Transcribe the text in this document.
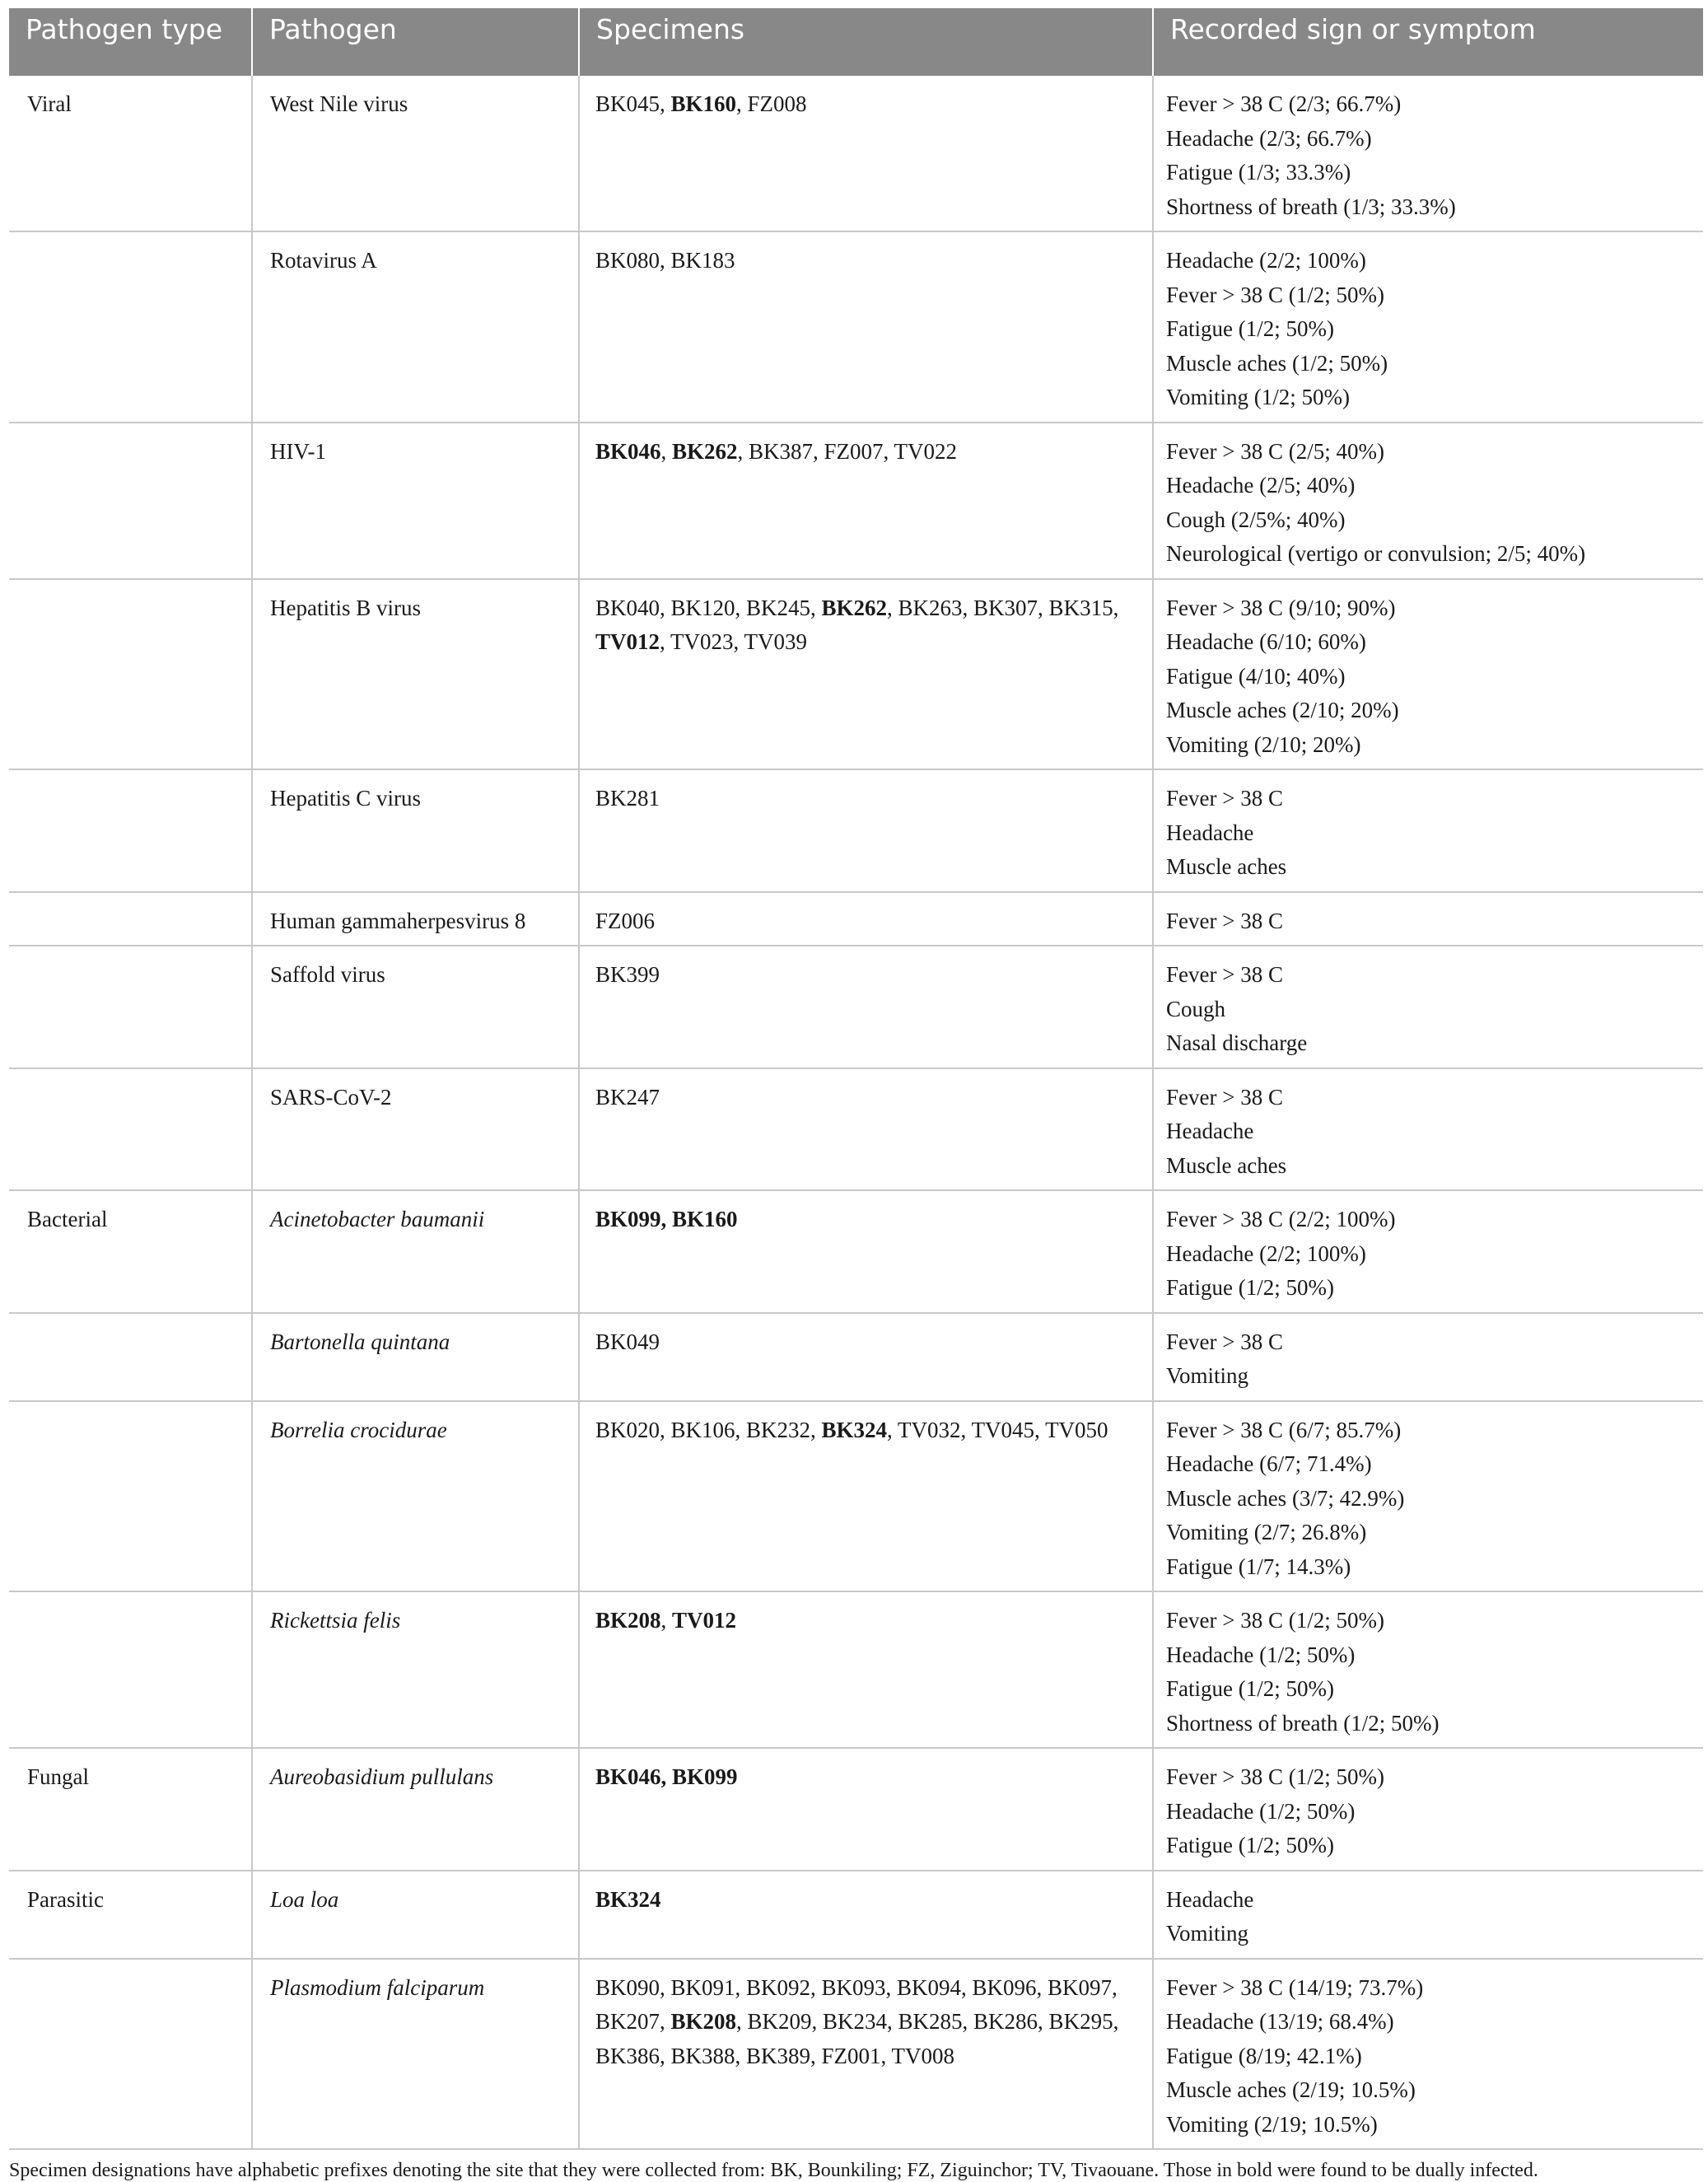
Pathogen type	Pathogen	Specimens	Recorded sign or symptom
Viral	West Nile virus	BK045, BK160, FZ008	Fever > 38 C (2/3; 66.7%)
Headache (2/3; 66.7%)
Fatigue (1/3; 33.3%)
Shortness of breath (1/3; 33.3%)

	Rotavirus A	BK080, BK183	Headache (2/2; 100%)
Fever > 38 C (1/2; 50%)
Fatigue (1/2; 50%)
Muscle aches (1/2; 50%)
Vomiting (1/2; 50%)

	HIV-1	BK046, BK262, BK387, FZ007, TV022	Fever > 38 C (2/5; 40%)
Headache (2/5; 40%)
Cough (2/5%; 40%)
Neurological (vertigo or convulsion; 2/5; 40%)

	Hepatitis B virus	BK040, BK120, BK245, BK262, BK263, BK307, BK315, TV012, TV023, TV039	Fever > 38 C (9/10; 90%)
Headache (6/10; 60%)
Fatigue (4/10; 40%)
Muscle aches (2/10; 20%)
Vomiting (2/10; 20%)

	Hepatitis C virus	BK281	Fever > 38 C
Headache
Muscle aches

	Human gammaherpesvirus 8	FZ006	Fever > 38 C

	Saffold virus	BK399	Fever > 38 C
Cough
Nasal discharge

	SARS-CoV-2	BK247	Fever > 38 C
Headache
Muscle aches

Bacterial	Acinetobacter baumanii	BK099, BK160	Fever > 38 C (2/2; 100%)
Headache (2/2; 100%)
Fatigue (1/2; 50%)

	Bartonella quintana	BK049	Fever > 38 C
Vomiting

	Borrelia crocidurae	BK020, BK106, BK232, BK324, TV032, TV045, TV050	Fever > 38 C (6/7; 85.7%)
Headache (6/7; 71.4%)
Muscle aches (3/7; 42.9%)
Vomiting (2/7; 26.8%)
Fatigue (1/7; 14.3%)

	Rickettsia felis	BK208, TV012	Fever > 38 C (1/2; 50%)
Headache (1/2; 50%)
Fatigue (1/2; 50%)
Shortness of breath (1/2; 50%)

Fungal	Aureobasidium pullulans	BK046, BK099	Fever > 38 C (1/2; 50%)
Headache (1/2; 50%)
Fatigue (1/2; 50%)

Parasitic	Loa loa	BK324	Headache
Vomiting

	Plasmodium falciparum	BK090, BK091, BK092, BK093, BK094, BK096, BK097, BK207, BK208, BK209, BK234, BK285, BK286, BK295, BK386, BK388, BK389, FZ001, TV008	Fever > 38 C (14/19; 73.7%)
Headache (13/19; 68.4%)
Fatigue (8/19; 42.1%)
Muscle aches (2/19; 10.5%)
Vomiting (2/19; 10.5%)
Specimen designations have alphabetic prefixes denoting the site that they were collected from: BK, Bounkiling; FZ, Ziguinchor; TV, Tivaouane. Those in bold were found to be dually infected.
